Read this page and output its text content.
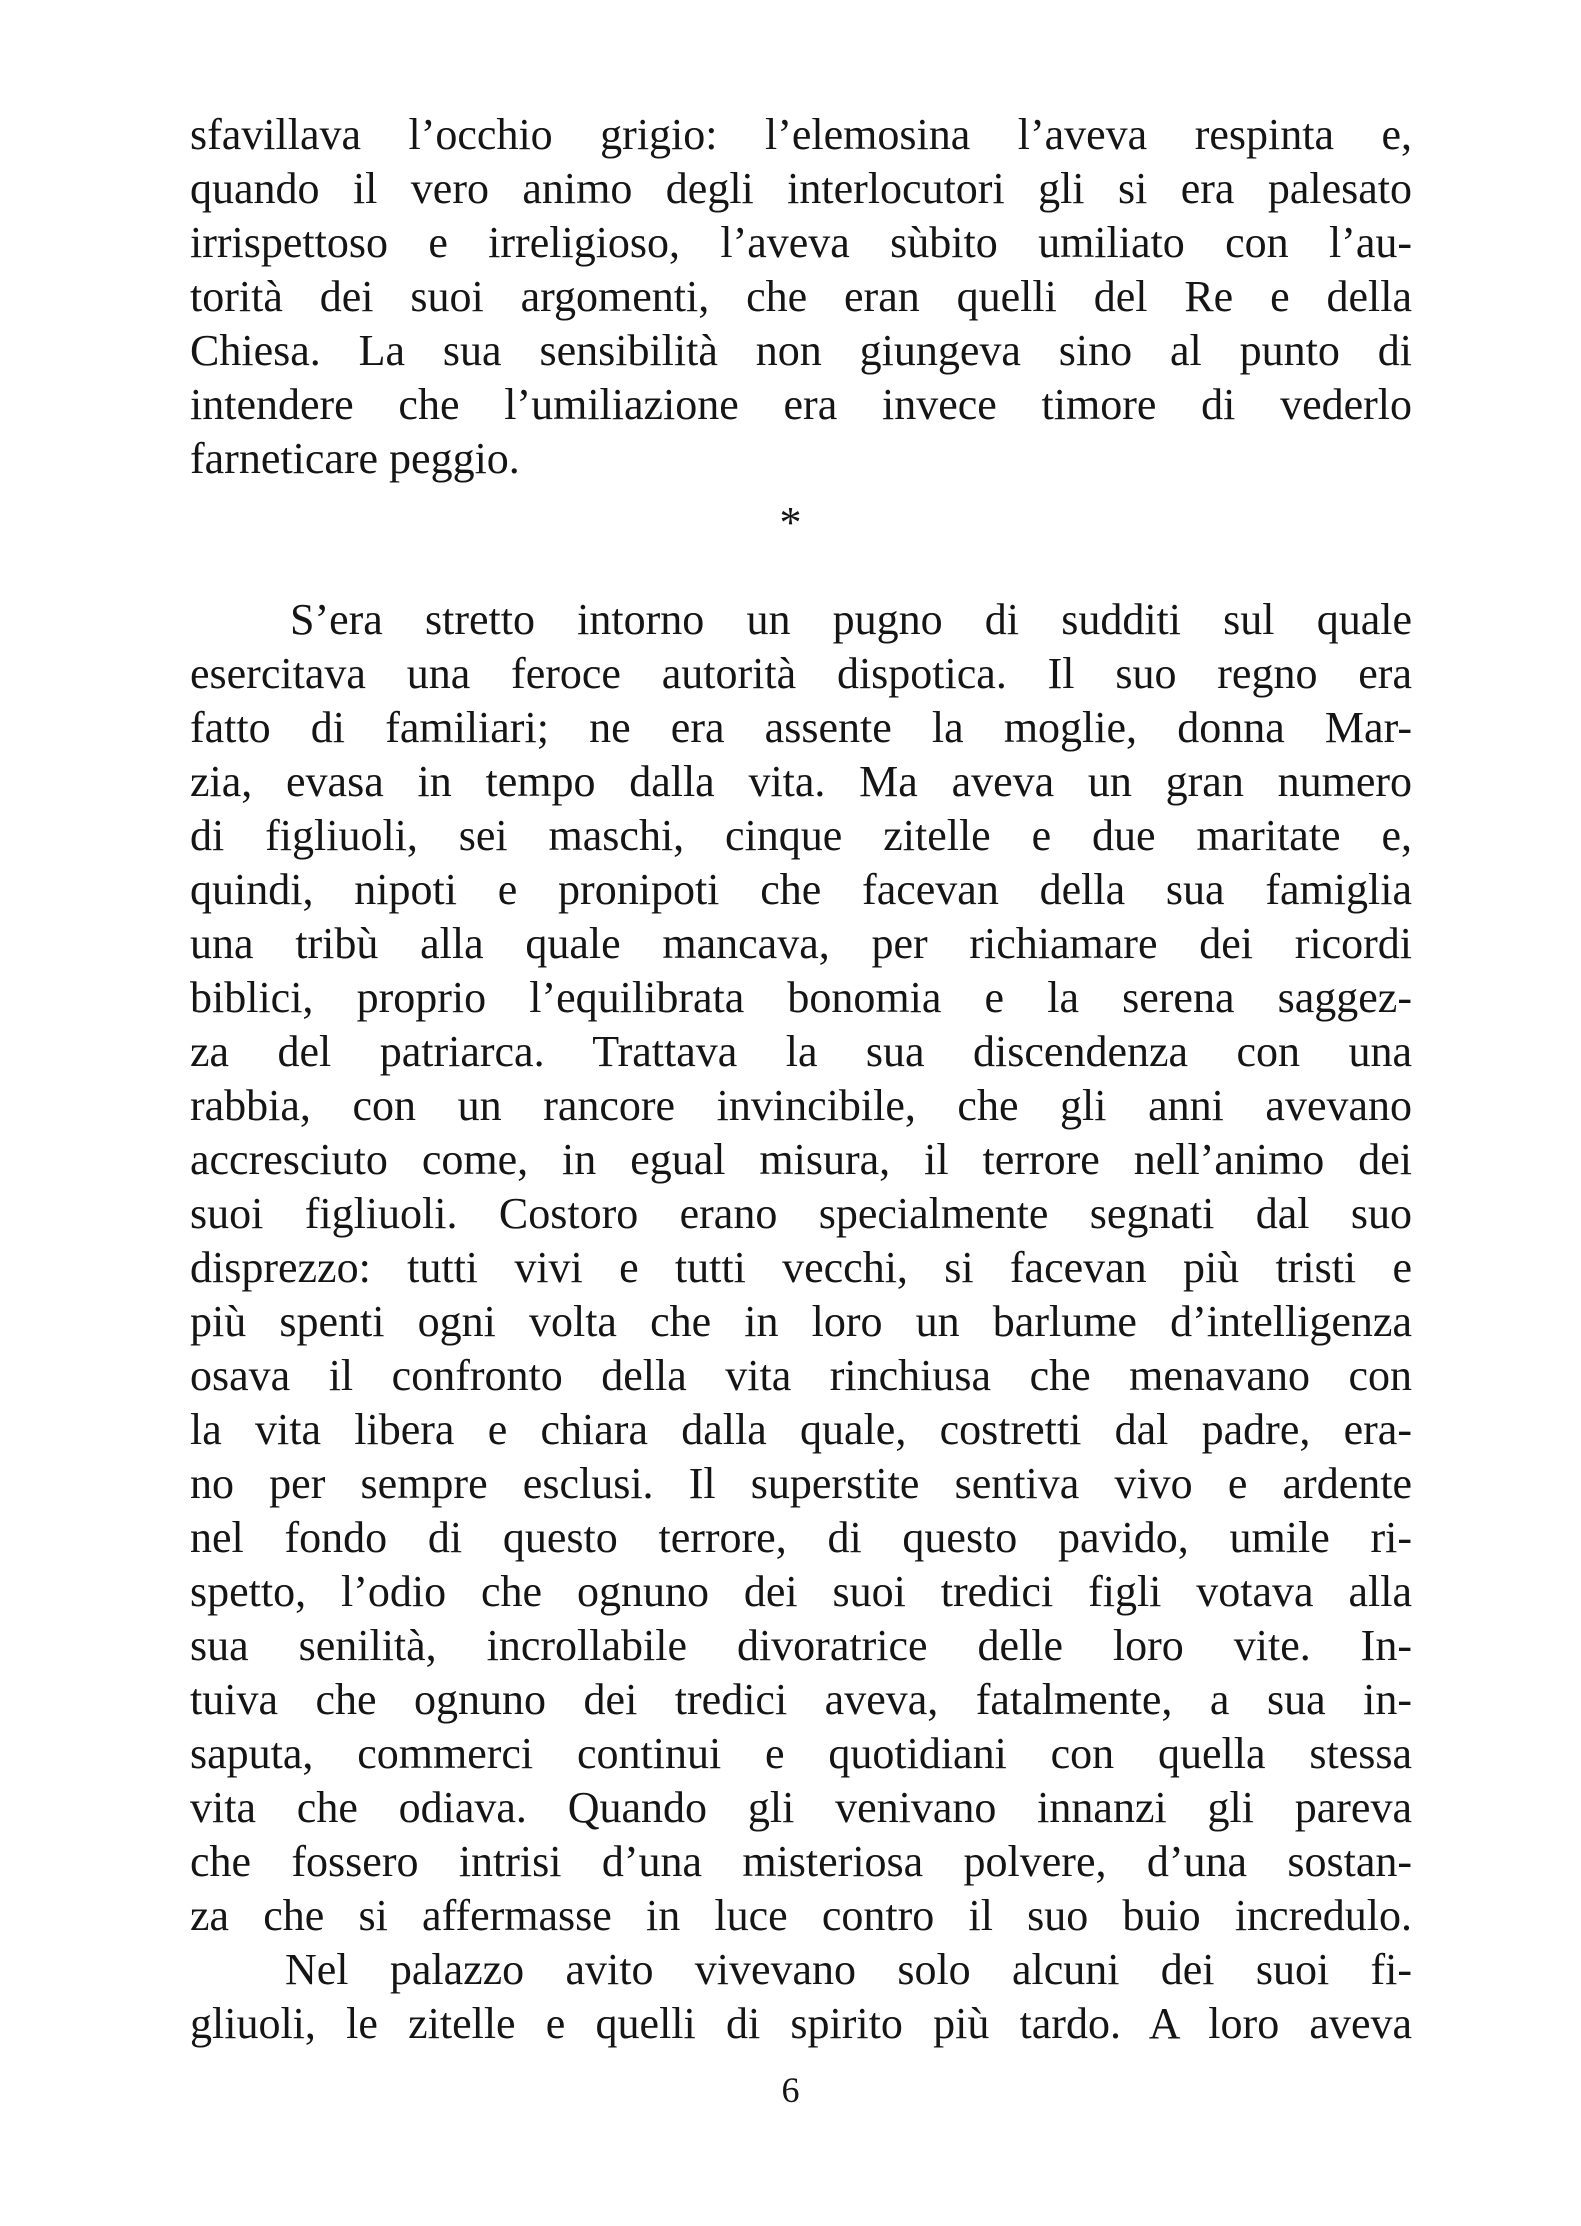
sfavillava l’occhio grigio: l’elemosina l’aveva respinta e,
quando il vero animo degli interlocutori gli si era palesato
irrispettoso e irreligioso, l’aveva sùbito umiliato con l’au-
torità dei suoi argomenti, che eran quelli del Re e della
Chiesa. La sua sensibilità non giungeva sino al punto di
intendere che l’umiliazione era invece timore di vederlo
farneticare peggio.
*
S’era stretto intorno un pugno di sudditi sul quale
esercitava una feroce autorità dispotica. Il suo regno era
fatto di familiari; ne era assente la moglie, donna Mar-
zia, evasa in tempo dalla vita. Ma aveva un gran numero
di figliuoli, sei maschi, cinque zitelle e due maritate e,
quindi, nipoti e pronipoti che facevan della sua famiglia
una tribù alla quale mancava, per richiamare dei ricordi
biblici, proprio l’equilibrata bonomia e la serena saggez-
za del patriarca. Trattava la sua discendenza con una
rabbia, con un rancore invincibile, che gli anni avevano
accresciuto come, in egual misura, il terrore nell’animo dei
suoi figliuoli. Costoro erano specialmente segnati dal suo
disprezzo: tutti vivi e tutti vecchi, si facevan più tristi e
più spenti ogni volta che in loro un barlume d’intelligenza
osava il confronto della vita rinchiusa che menavano con
la vita libera e chiara dalla quale, costretti dal padre, era-
no per sempre esclusi. Il superstite sentiva vivo e ardente
nel fondo di questo terrore, di questo pavido, umile ri-
spetto, l’odio che ognuno dei suoi tredici figli votava alla
sua senilità, incrollabile divoratrice delle loro vite. In-
tuiva che ognuno dei tredici aveva, fatalmente, a sua in-
saputa, commerci continui e quotidiani con quella stessa
vita che odiava. Quando gli venivano innanzi gli pareva
che fossero intrisi d’una misteriosa polvere, d’una sostan-
za che si affermasse in luce contro il suo buio incredulo.
Nel palazzo avito vivevano solo alcuni dei suoi fi-
gliuoli, le zitelle e quelli di spirito più tardo. A loro aveva
6
